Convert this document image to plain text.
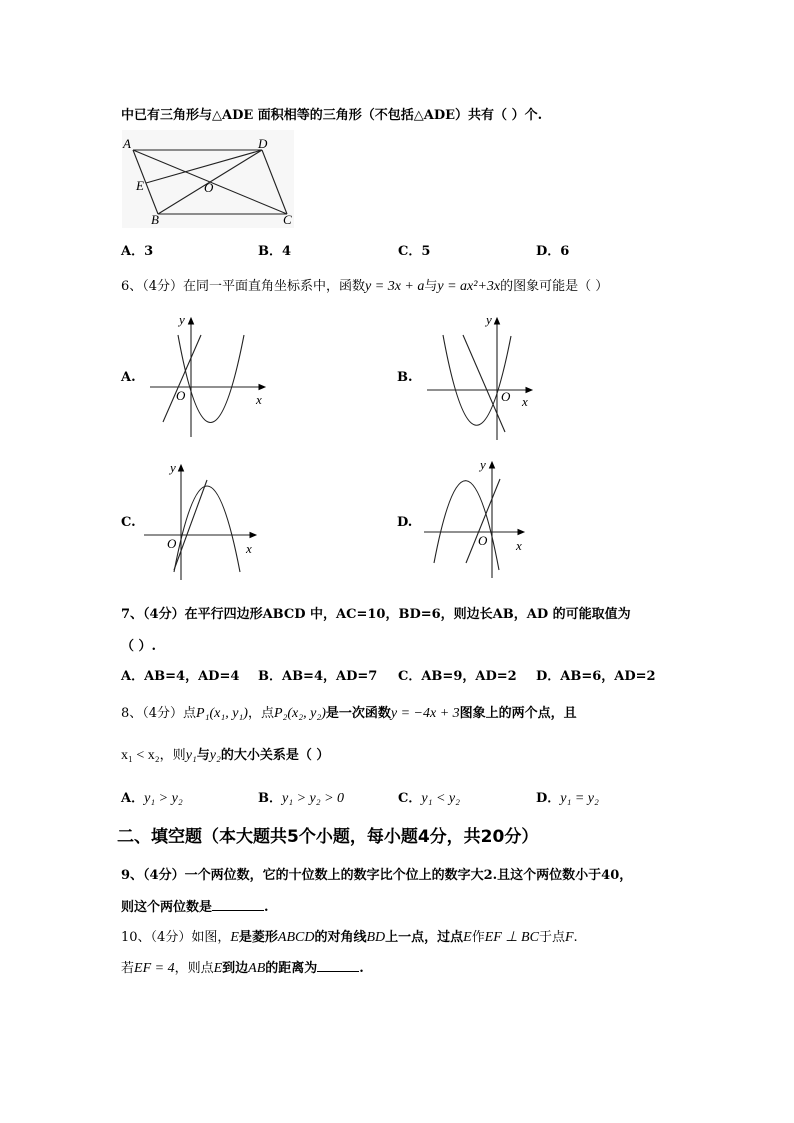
中已有三角形与△ADE 面积相等的三角形（不包括△ADE）共有（ ）个.
A	D
E	O
B	C
y
O	x
y
O x
y
O	x
y
O x
A．3	B．4	C．5	D．6
6、（4分）在同一平面直角坐标系中，函数y = 3x + a与y = ax²+3x的图象可能是（ ）
A.	B.
C.	D.
7、（4分）在平行四边形ABCD 中，AC=10，BD=6，则边长AB，AD 的可能取值为
（ ）.
A．AB=4，AD=4 B．AB=4，AD=7 C．AB=9，AD=2 D．AB=6，AD=2
8、（4分）点P₁(x₁, y₁)，点P₂(x₂, y₂)是一次函数y = −4x + 3图象上的两个点，且
x₁ < x₂，则y₁与y₂的大小关系是（ ）
A．y₁ > y₂	B．y₁ > y₂ > 0	C．y₁ < y₂	D．y₁ = y₂
二、填空题（本大题共5个小题，每小题4分，共20分）
9、（4分）一个两位数，它的十位数上的数字比个位上的数字大2.且这个两位数小于40，
则这个两位数是	.
10、（4分）如图，E是菱形ABCD的对角线BD上一点，过点E作EF ⊥ BC于点F.
若EF = 4，则点E到边AB的距离为	.
